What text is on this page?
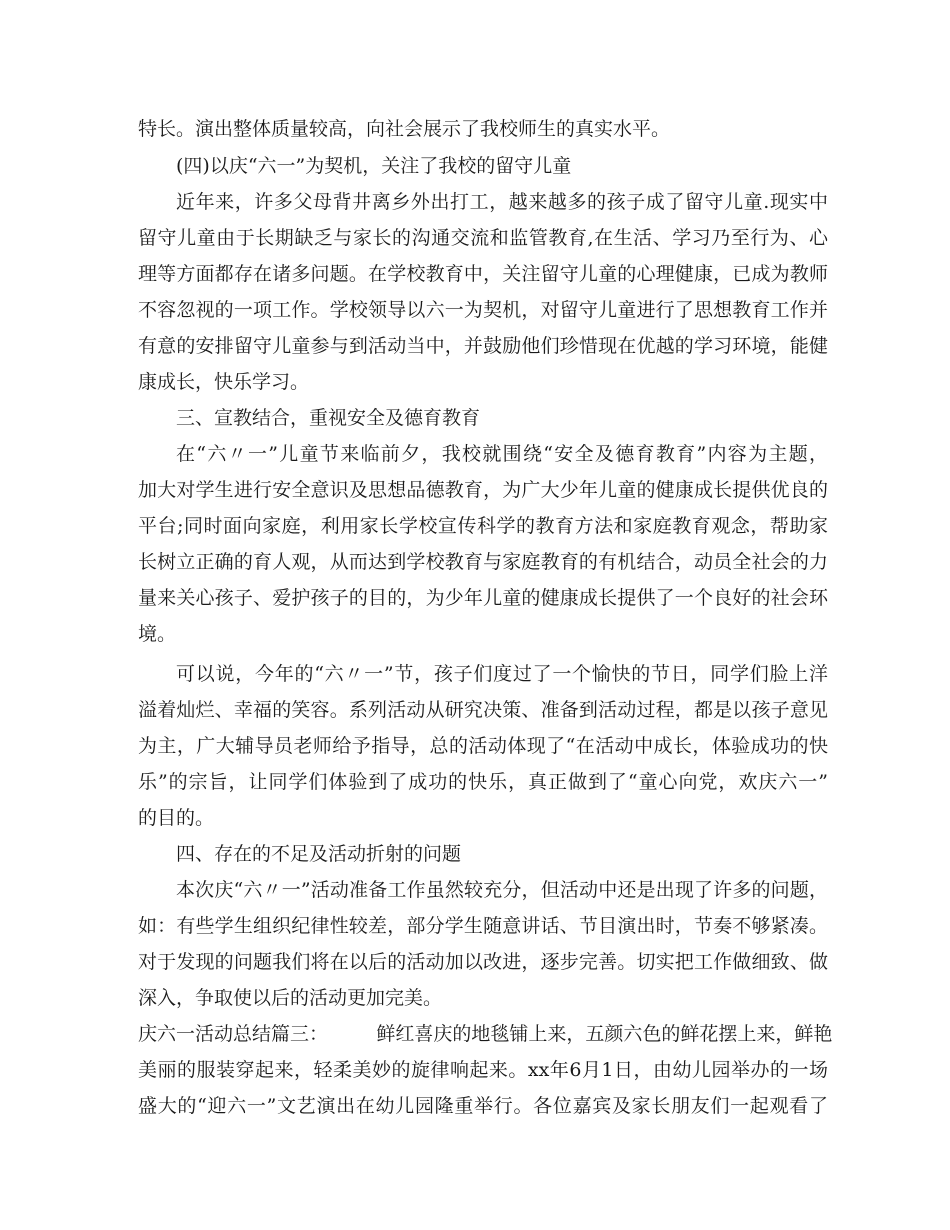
特长。演出整体质量较高，向社会展示了我校师生的真实水平。
(四)以庆“六一”为契机，关注了我校的留守儿童
近年来，许多父母背井离乡外出打工，越来越多的孩子成了留守儿童.现实中
留守儿童由于长期缺乏与家长的沟通交流和监管教育,在生活、学习乃至行为、心
理等方面都存在诸多问题。在学校教育中，关注留守儿童的心理健康，已成为教师
不容忽视的一项工作。学校领导以六一为契机，对留守儿童进行了思想教育工作并
有意的安排留守儿童参与到活动当中，并鼓励他们珍惜现在优越的学习环境，能健
康成长，快乐学习。
三、宣教结合，重视安全及德育教育
在“六〃一”儿童节来临前夕，我校就围绕“安全及德育教育”内容为主题，
加大对学生进行安全意识及思想品德教育，为广大少年儿童的健康成长提供优良的
平台;同时面向家庭，利用家长学校宣传科学的教育方法和家庭教育观念，帮助家
长树立正确的育人观，从而达到学校教育与家庭教育的有机结合，动员全社会的力
量来关心孩子、爱护孩子的目的，为少年儿童的健康成长提供了一个良好的社会环
境。
可以说，今年的“六〃一”节，孩子们度过了一个愉快的节日，同学们脸上洋
溢着灿烂、幸福的笑容。系列活动从研究决策、准备到活动过程，都是以孩子意见
为主，广大辅导员老师给予指导，总的活动体现了“在活动中成长，体验成功的快
乐”的宗旨，让同学们体验到了成功的快乐，真正做到了“童心向党，欢庆六一”
的目的。
四、存在的不足及活动折射的问题
本次庆“六〃一”活动准备工作虽然较充分，但活动中还是出现了许多的问题，
如：有些学生组织纪律性较差，部分学生随意讲话、节目演出时，节奏不够紧凑。
对于发现的问题我们将在以后的活动加以改进，逐步完善。切实把工作做细致、做
深入，争取使以后的活动更加完美。
庆六一活动总结篇三：        鲜红喜庆的地毯铺上来，五颜六色的鲜花摆上来，鲜艳
美丽的服装穿起来，轻柔美妙的旋律响起来。xx年6月1日，由幼儿园举办的一场
盛大的“迎六一”文艺演出在幼儿园隆重举行。各位嘉宾及家长朋友们一起观看了
